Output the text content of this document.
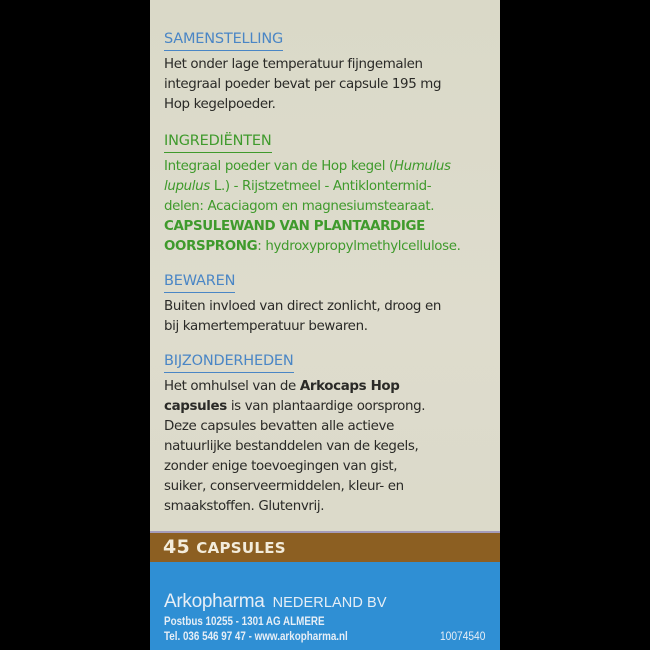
SAMENSTELLING
Het onder lage temperatuur fijngemalen
integraal poeder bevat per capsule 195 mg
Hop kegelpoeder.
INGREDIËNTEN
Integraal poeder van de Hop kegel (Humulus
lupulus L.) - Rijstzetmeel - Antiklontermid-
delen: Acaciagom en magnesiumstearaat.
CAPSULEWAND VAN PLANTAARDIGE
OORSPRONG: hydroxypropylmethylcellulose.
BEWAREN
Buiten invloed van direct zonlicht, droog en
bij kamertemperatuur bewaren.
BIJZONDERHEDEN
Het omhulsel van de Arkocaps Hop
capsules is van plantaardige oorsprong.
Deze capsules bevatten alle actieve
natuurlijke bestanddelen van de kegels,
zonder enige toevoegingen van gist,
suiker, conserveermiddelen, kleur- en
smaakstoffen. Glutenvrij.
45 CAPSULES
Arkopharma NEDERLAND BV
Postbus 10255 - 1301 AG ALMERE
Tel. 036 546 97 47 - www.arkopharma.nl	10074540
